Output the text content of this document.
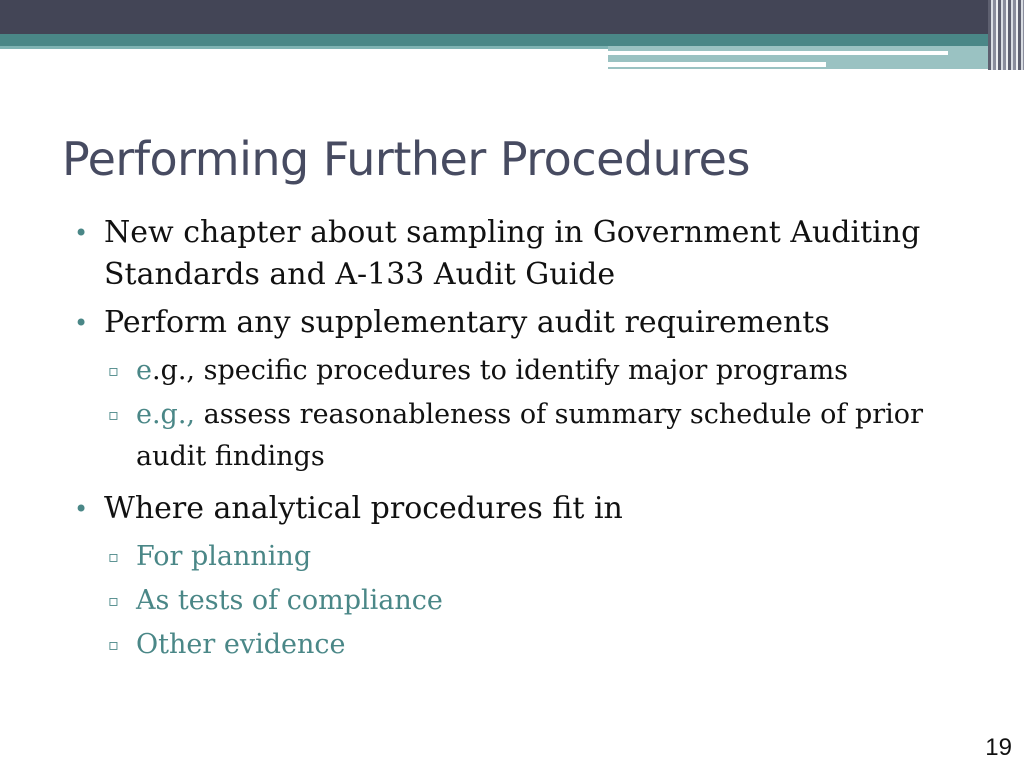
Performing Further Procedures
• New chapter about sampling in Government Auditing Standards and A-133 Audit Guide
• Perform any supplementary audit requirements
▫ e.g., specific procedures to identify major programs
▫ e.g., assess reasonableness of summary schedule of prior audit findings
• Where analytical procedures fit in
▫ For planning
▫ As tests of compliance
▫ Other evidence
19
